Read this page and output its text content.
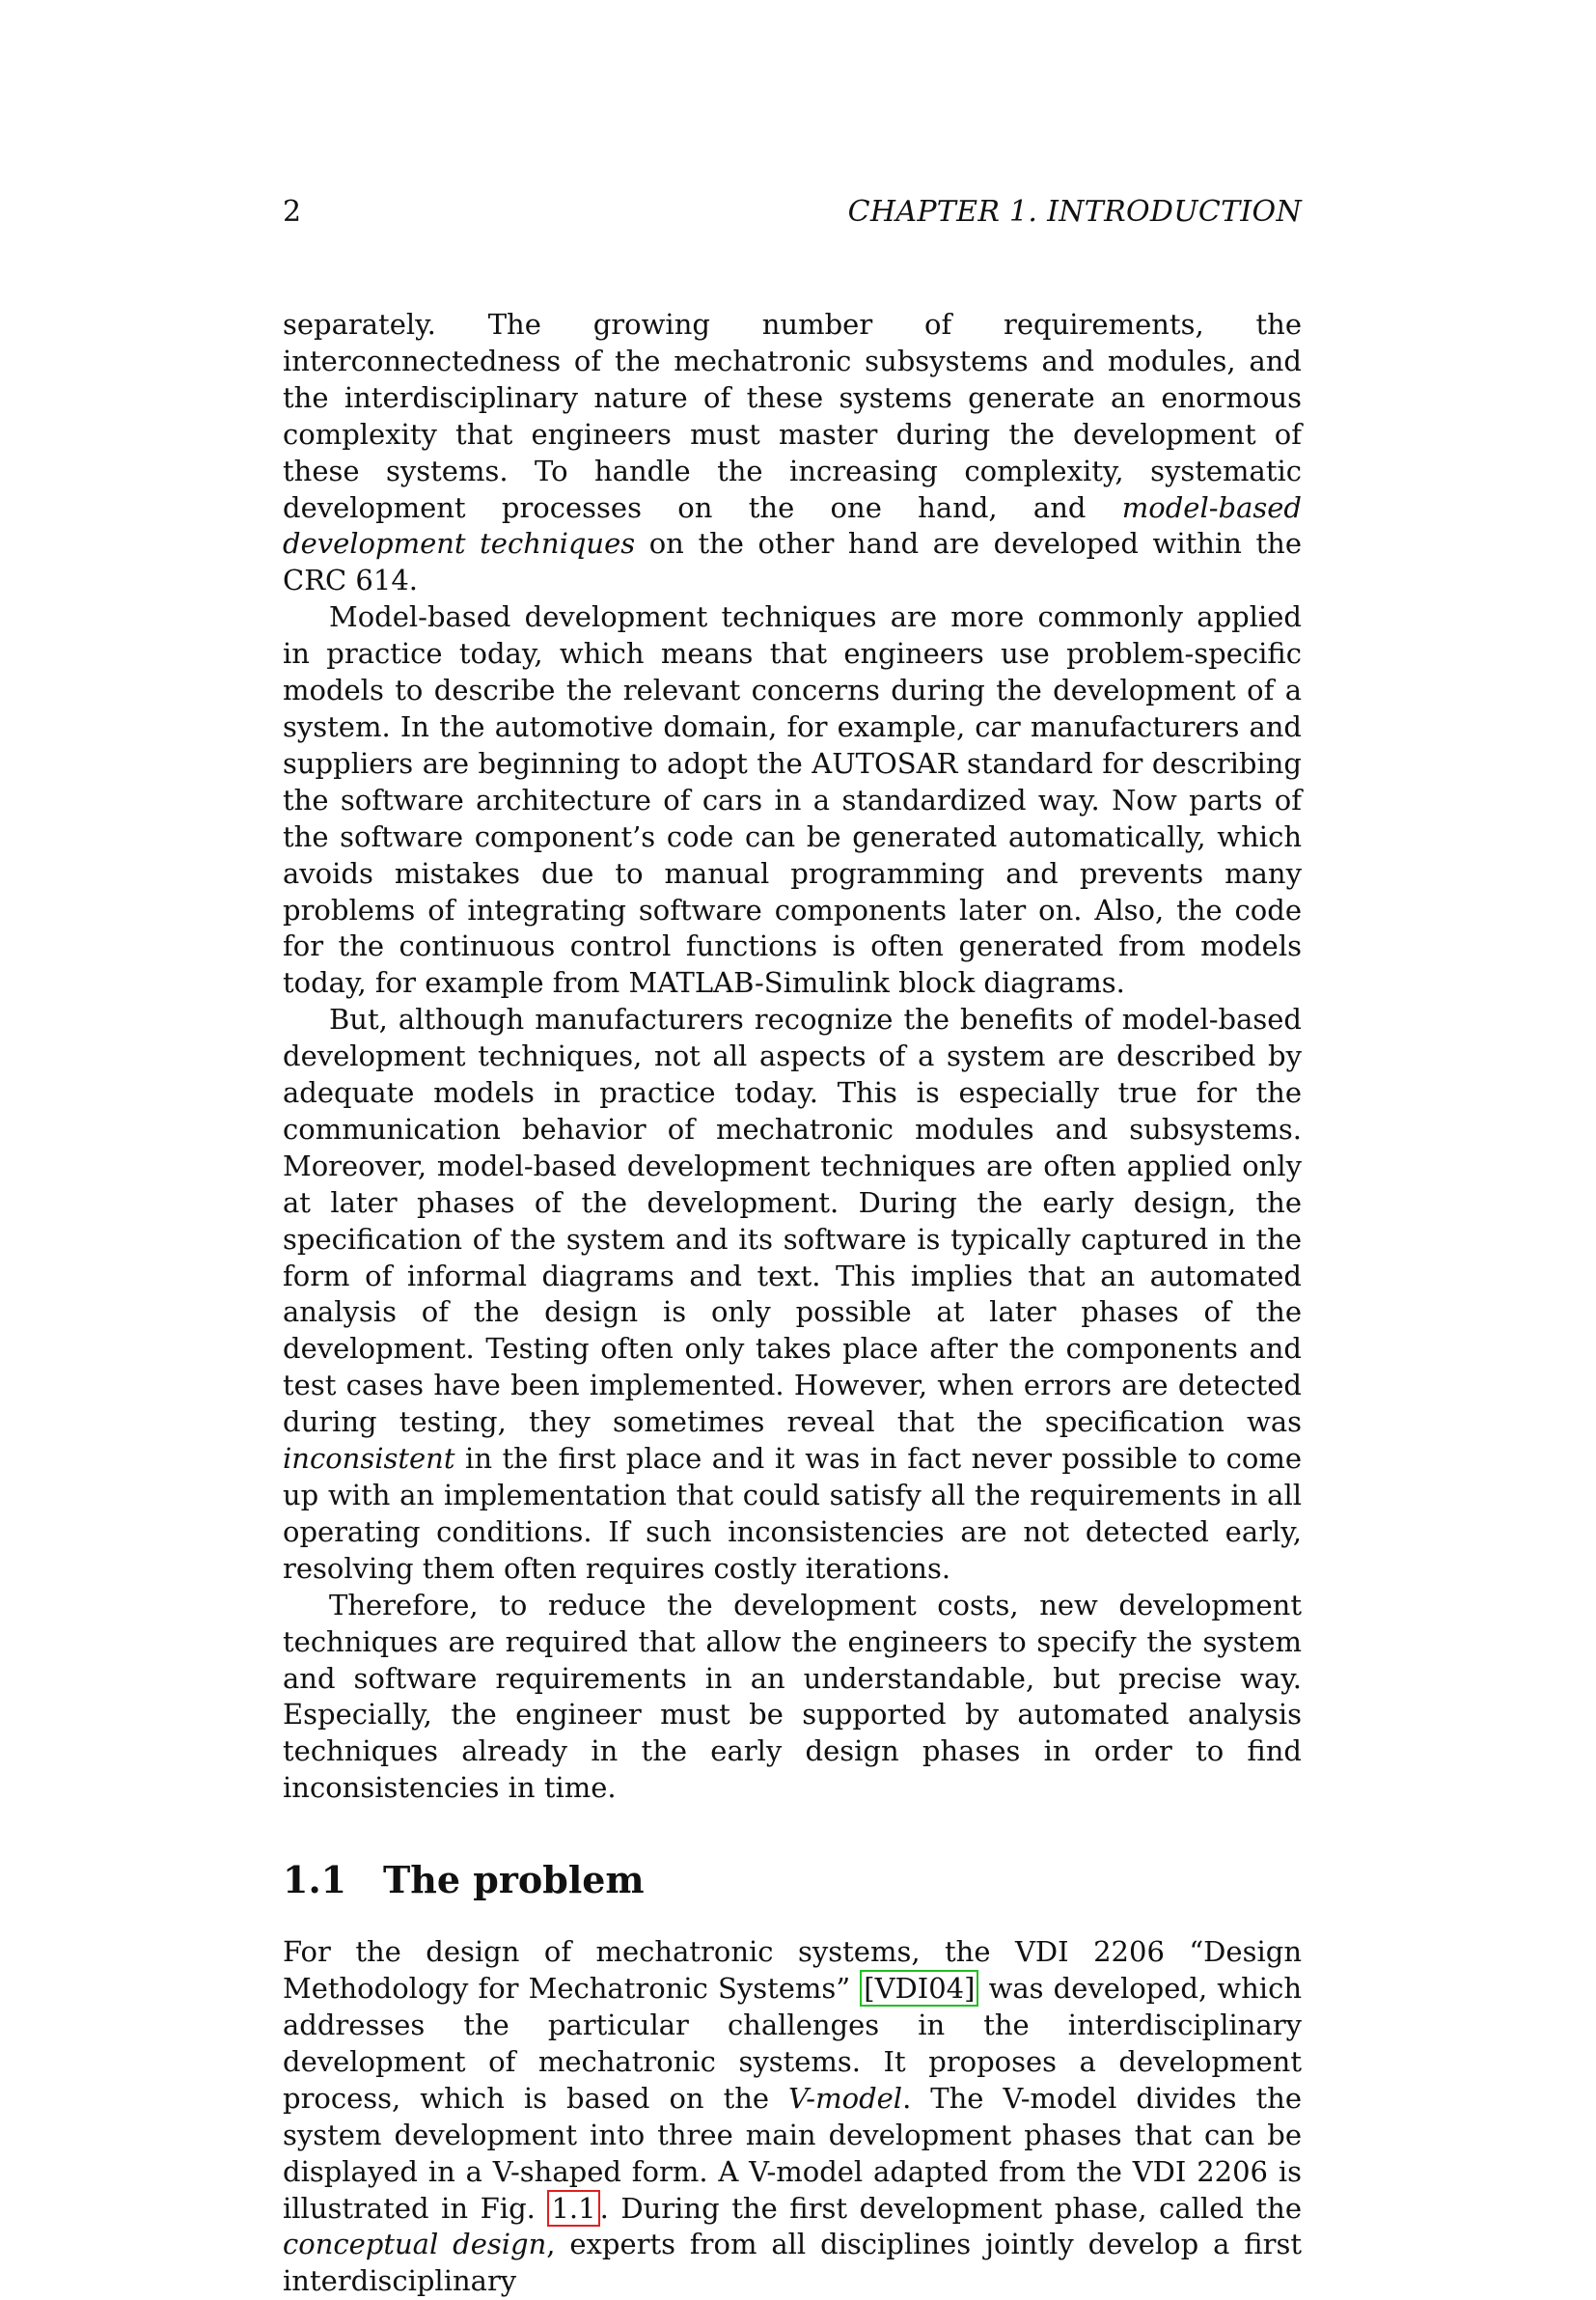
2	CHAPTER 1. INTRODUCTION

separately. The growing number of requirements, the interconnectedness of the mechatronic subsystems and modules, and the interdisciplinary nature of these systems generate an enormous complexity that engineers must master during the development of these systems. To handle the increasing complexity, systematic development processes on the one hand, and model-based development techniques on the other hand are developed within the CRC 614.

Model-based development techniques are more commonly applied in practice today, which means that engineers use problem-specific models to describe the relevant concerns during the development of a system. In the automotive domain, for example, car manufacturers and suppliers are beginning to adopt the AUTOSAR standard for describing the software architecture of cars in a standardized way. Now parts of the software component’s code can be generated automatically, which avoids mistakes due to manual programming and prevents many problems of integrating software components later on. Also, the code for the continuous control functions is often generated from models today, for example from MATLAB-Simulink block diagrams.

But, although manufacturers recognize the benefits of model-based development techniques, not all aspects of a system are described by adequate models in practice today. This is especially true for the communication behavior of mechatronic modules and subsystems. Moreover, model-based development techniques are often applied only at later phases of the development. During the early design, the specification of the system and its software is typically captured in the form of informal diagrams and text. This implies that an automated analysis of the design is only possible at later phases of the development. Testing often only takes place after the components and test cases have been implemented. However, when errors are detected during testing, they sometimes reveal that the specification was inconsistent in the first place and it was in fact never possible to come up with an implementation that could satisfy all the requirements in all operating conditions. If such inconsistencies are not detected early, resolving them often requires costly iterations.

Therefore, to reduce the development costs, new development techniques are required that allow the engineers to specify the system and software requirements in an understandable, but precise way. Especially, the engineer must be supported by automated analysis techniques already in the early design phases in order to find inconsistencies in time.

1.1 The problem

For the design of mechatronic systems, the VDI 2206 “Design Methodology for Mechatronic Systems” [VDI04] was developed, which addresses the particular challenges in the interdisciplinary development of mechatronic systems. It proposes a development process, which is based on the V-model. The V-model divides the system development into three main development phases that can be displayed in a V-shaped form. A V-model adapted from the VDI 2206 is illustrated in Fig. 1.1 . During the first development phase, called the conceptual design, experts from all disciplines jointly develop a first interdisciplinary
